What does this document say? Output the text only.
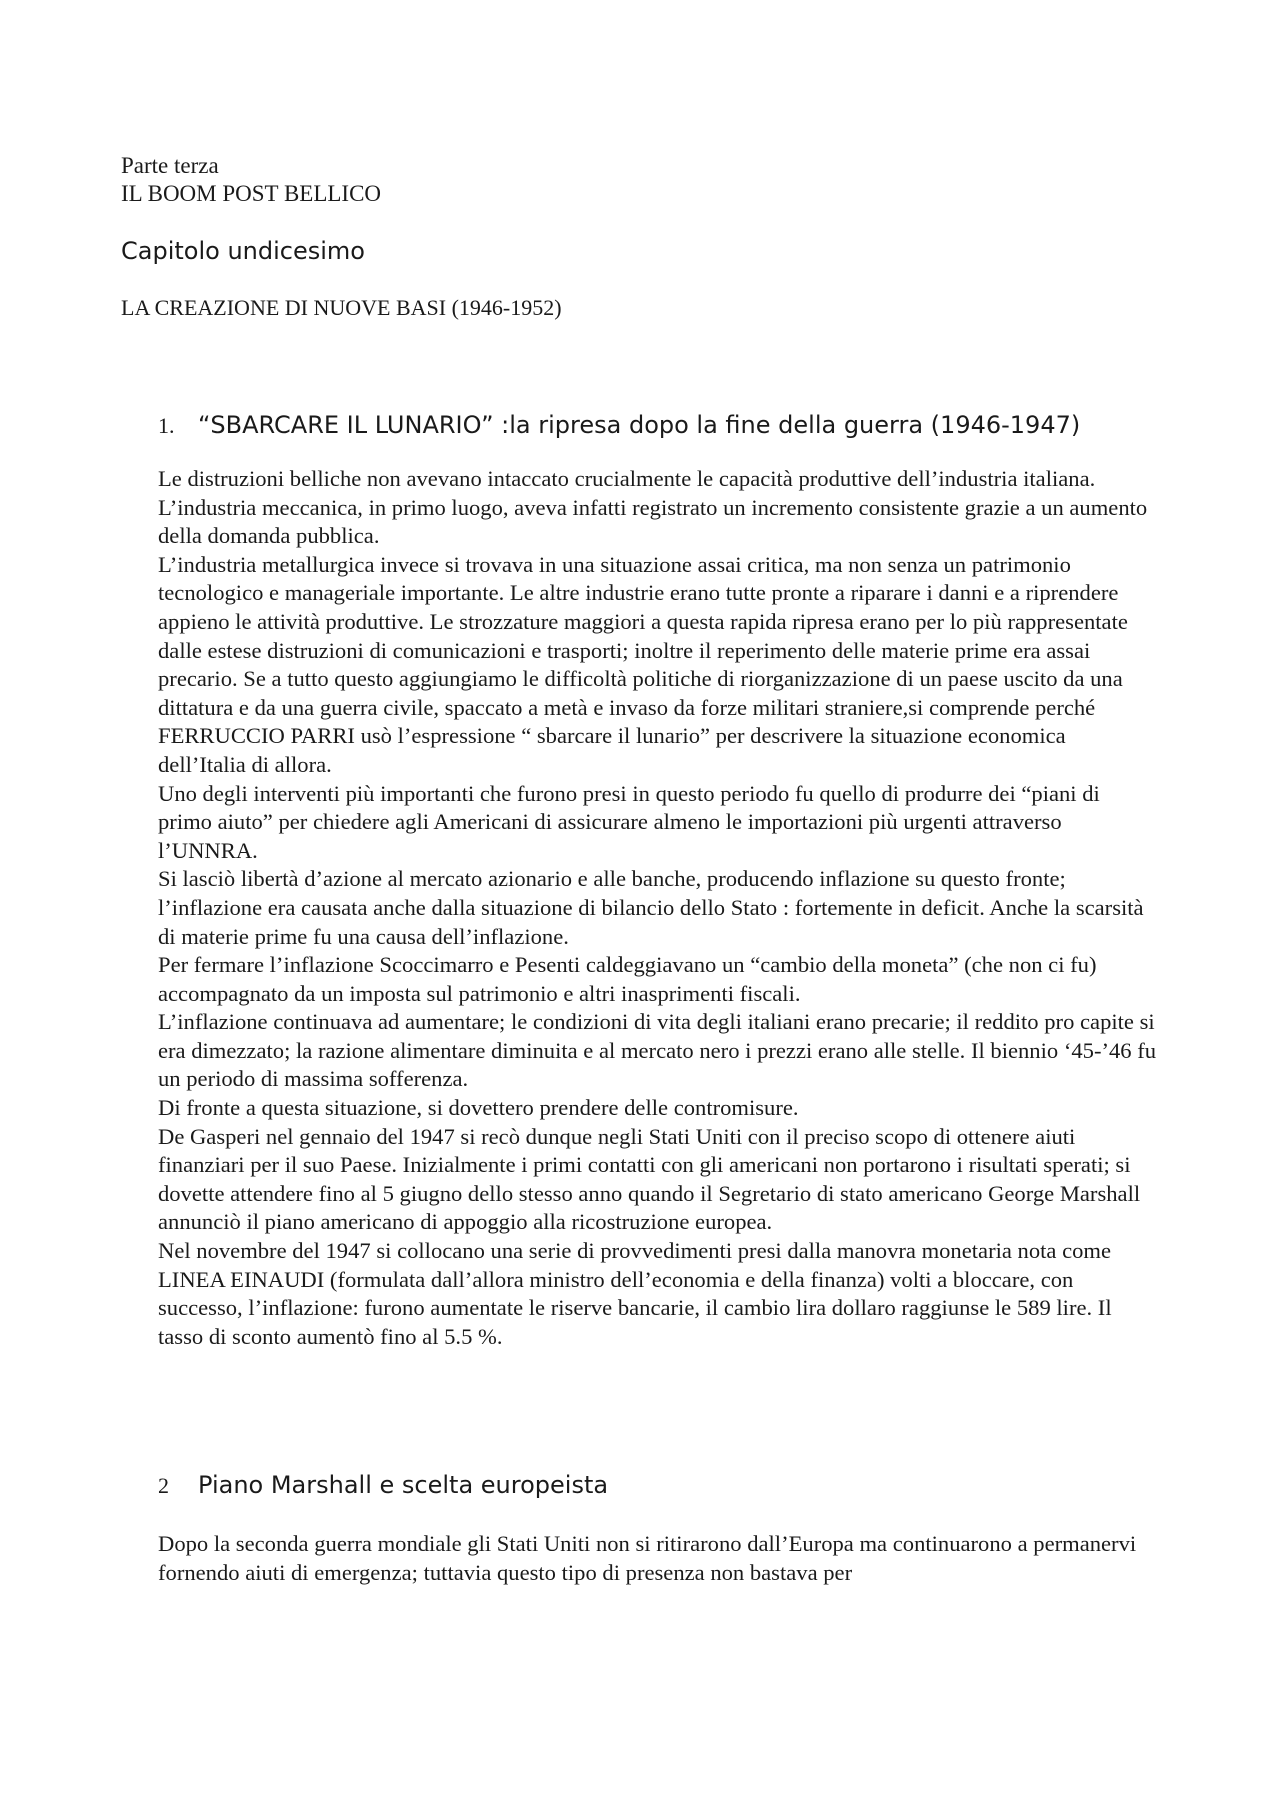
Parte terza

IL BOOM POST BELLICO

Capitolo undicesimo

LA CREAZIONE DI NUOVE BASI (1946-1952)

1. “SBARCARE IL LUNARIO” :la ripresa dopo la fine della guerra (1946-1947)

Le distruzioni belliche non avevano intaccato crucialmente le capacità produttive dell’industria italiana.

L’industria meccanica, in primo luogo, aveva infatti registrato un incremento consistente grazie a un aumento della domanda pubblica.

L’industria metallurgica invece si trovava in una situazione assai critica, ma non senza un patrimonio tecnologico e manageriale importante. Le altre industrie erano tutte pronte a riparare i danni e a riprendere appieno le attività produttive. Le strozzature maggiori a questa rapida ripresa erano per lo più rappresentate dalle estese distruzioni di comunicazioni e trasporti; inoltre il reperimento delle materie prime era assai precario. Se a tutto questo aggiungiamo le difficoltà politiche di riorganizzazione di un paese uscito da una dittatura e da una guerra civile, spaccato a metà e invaso da forze militari straniere,si comprende perché FERRUCCIO PARRI usò l’espressione “ sbarcare il lunario” per descrivere la situazione economica dell’Italia di allora.

Uno degli interventi più importanti che furono presi in questo periodo fu quello di produrre dei “piani di primo aiuto” per chiedere agli Americani di assicurare almeno le importazioni più urgenti attraverso l’UNNRA.

Si lasciò libertà d’azione al mercato azionario e alle banche, producendo inflazione su questo fronte; l’inflazione era causata anche dalla situazione di bilancio dello Stato : fortemente in deficit. Anche la scarsità di materie prime fu una causa dell’inflazione.

Per fermare l’inflazione Scoccimarro e Pesenti caldeggiavano un “cambio della moneta” (che non ci fu) accompagnato da un imposta sul patrimonio e altri inasprimenti fiscali.

L’inflazione continuava ad aumentare; le condizioni di vita degli italiani erano precarie; il reddito pro capite si era dimezzato; la razione alimentare diminuita e al mercato nero i prezzi erano alle stelle. Il biennio ‘45-’46 fu un periodo di massima sofferenza.

Di fronte a questa situazione, si dovettero prendere delle contromisure.

De Gasperi nel gennaio del 1947 si recò dunque negli Stati Uniti con il preciso scopo di ottenere aiuti finanziari per il suo Paese. Inizialmente i primi contatti con gli americani non portarono i risultati sperati; si dovette attendere fino al 5 giugno dello stesso anno quando il Segretario di stato americano George Marshall annunciò il piano americano di appoggio alla ricostruzione europea.

Nel novembre del 1947 si collocano una serie di provvedimenti presi dalla manovra monetaria nota come LINEA EINAUDI (formulata dall’allora ministro dell’economia e della finanza) volti a bloccare, con successo, l’inflazione: furono aumentate le riserve bancarie, il cambio lira dollaro raggiunse le 589 lire. Il tasso di sconto aumentò fino al 5.5 %.

2	Piano Marshall e scelta europeista

Dopo la seconda guerra mondiale gli Stati Uniti non si ritirarono dall’Europa ma continuarono a permanervi fornendo aiuti di emergenza; tuttavia questo tipo di presenza non bastava per
